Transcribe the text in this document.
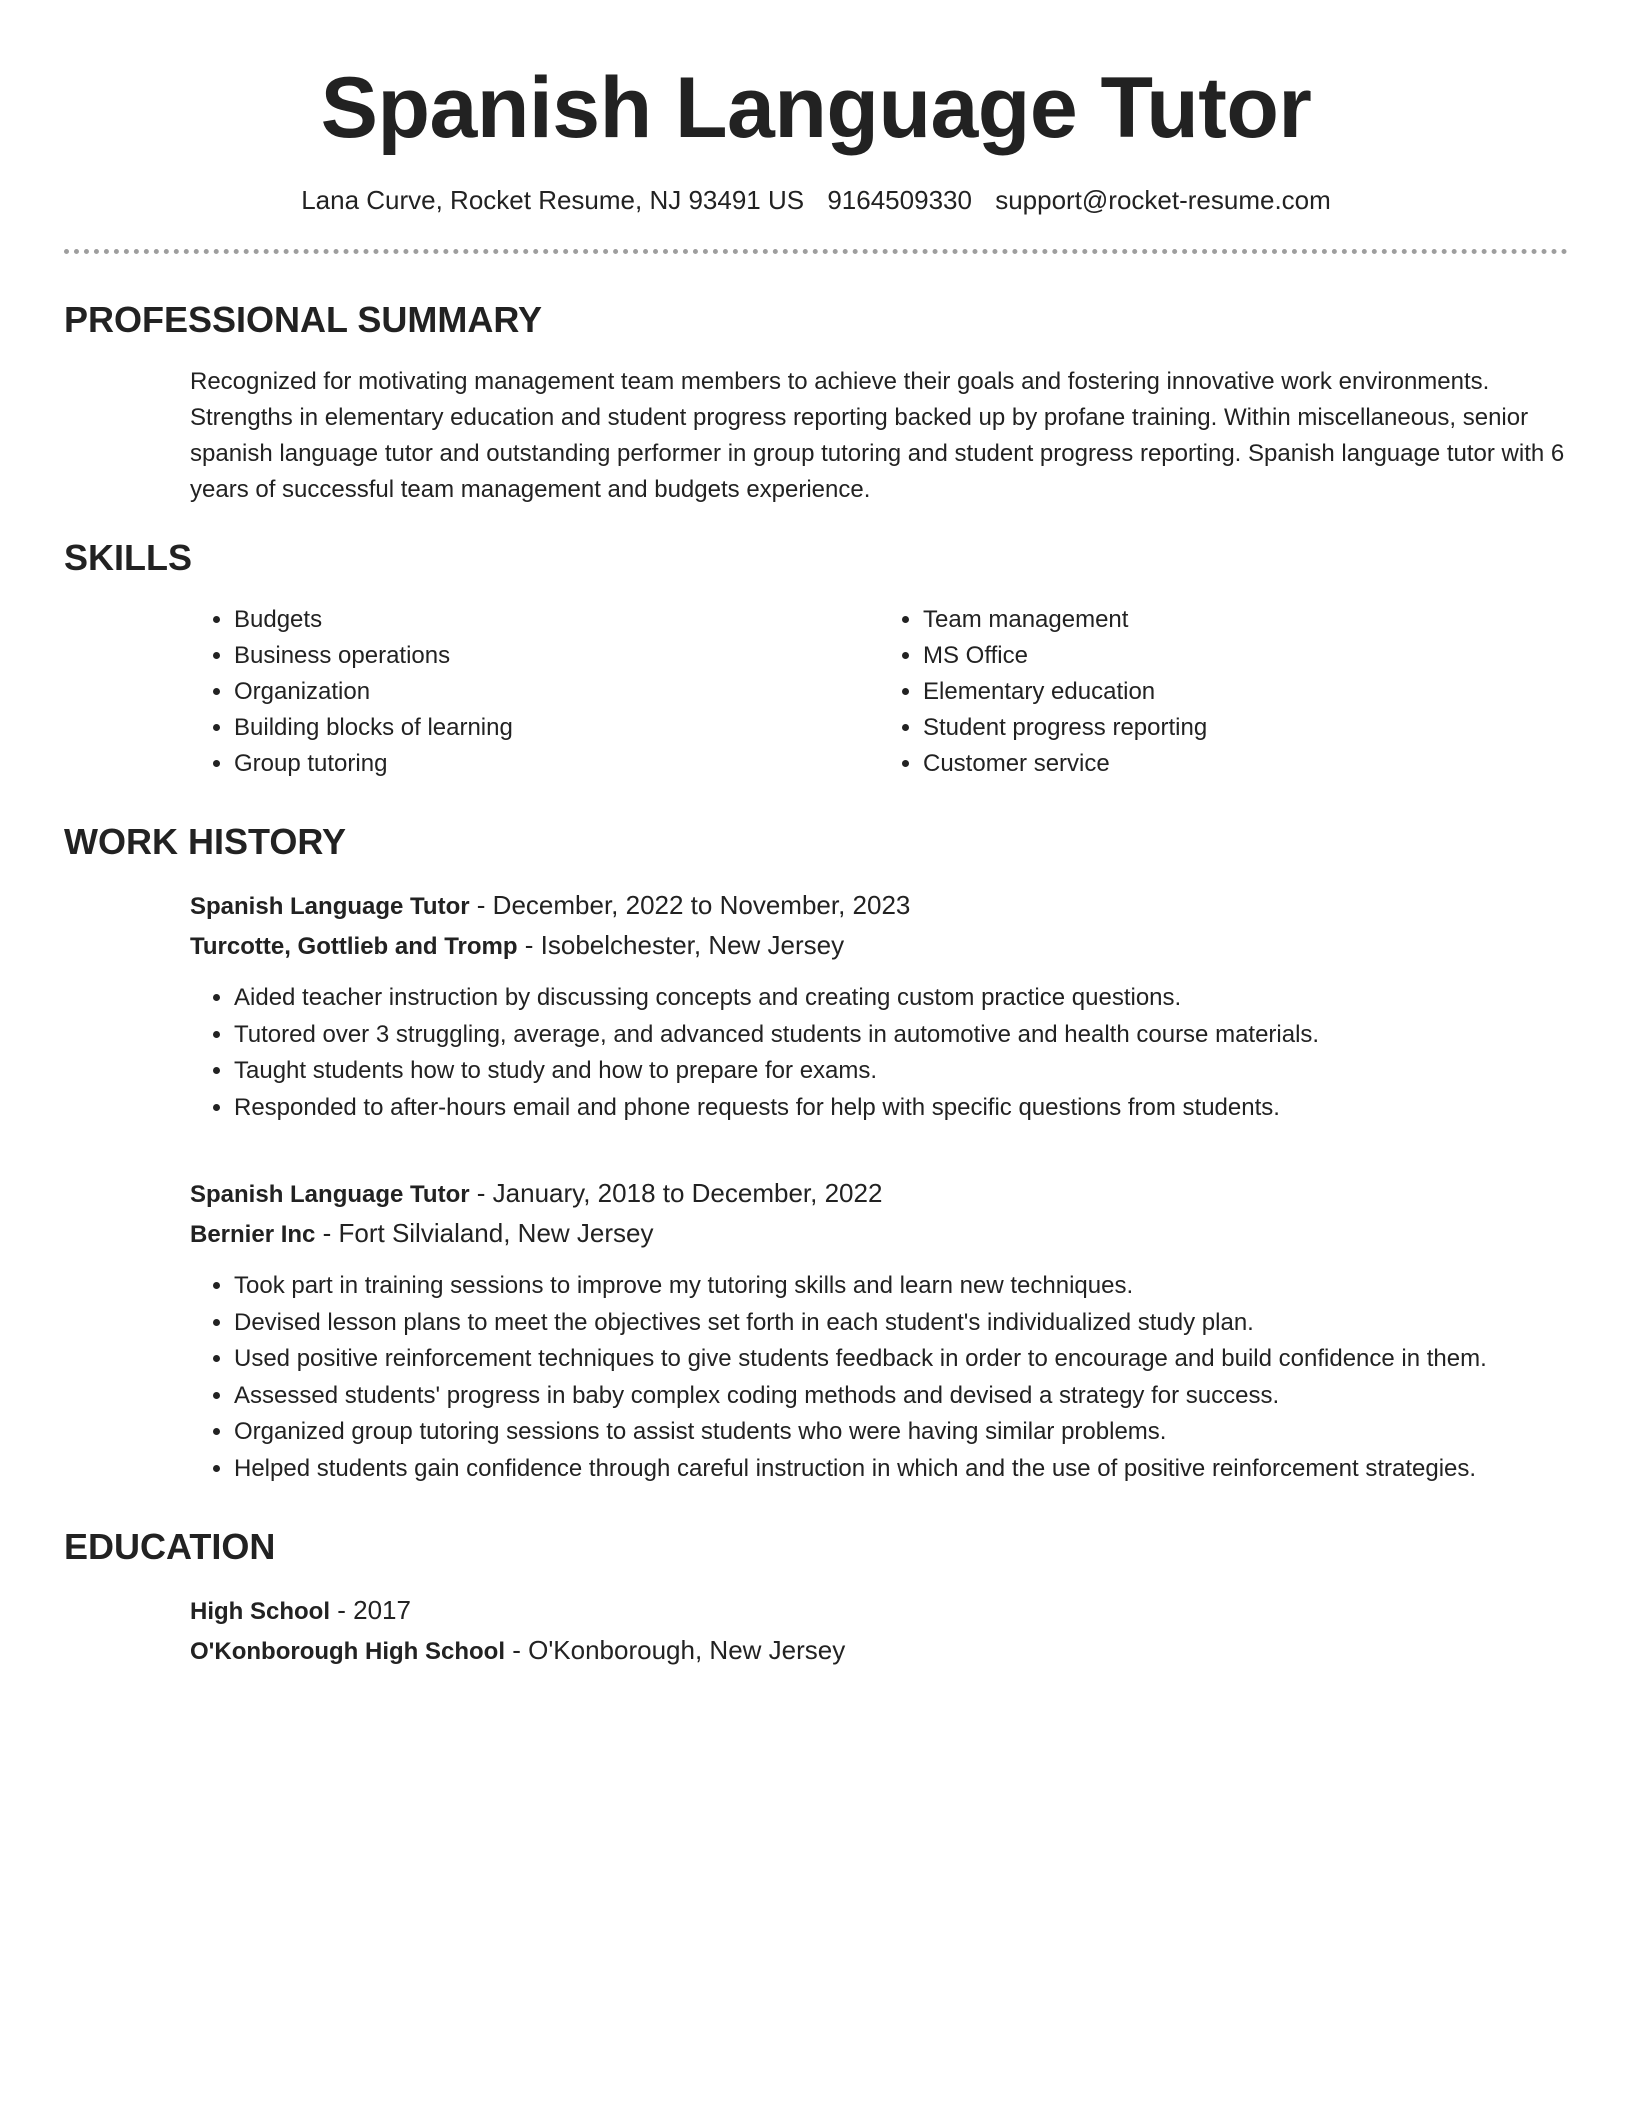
Spanish Language Tutor
Lana Curve, Rocket Resume, NJ 93491 US 9164509330 support@rocket-resume.com
PROFESSIONAL SUMMARY
Recognized for motivating management team members to achieve their goals and fostering innovative work environments. Strengths in elementary education and student progress reporting backed up by profane training. Within miscellaneous, senior spanish language tutor and outstanding performer in group tutoring and student progress reporting. Spanish language tutor with 6 years of successful team management and budgets experience.
SKILLS
• Budgets
• Business operations
• Organization
• Building blocks of learning
• Group tutoring
• Team management
• MS Office
• Elementary education
• Student progress reporting
• Customer service
WORK HISTORY
Spanish Language Tutor - December, 2022 to November, 2023
Turcotte, Gottlieb and Tromp - Isobelchester, New Jersey
• Aided teacher instruction by discussing concepts and creating custom practice questions.
• Tutored over 3 struggling, average, and advanced students in automotive and health course materials.
• Taught students how to study and how to prepare for exams.
• Responded to after-hours email and phone requests for help with specific questions from students.
Spanish Language Tutor - January, 2018 to December, 2022
Bernier Inc - Fort Silvialand, New Jersey
• Took part in training sessions to improve my tutoring skills and learn new techniques.
• Devised lesson plans to meet the objectives set forth in each student's individualized study plan.
• Used positive reinforcement techniques to give students feedback in order to encourage and build confidence in them.
• Assessed students' progress in baby complex coding methods and devised a strategy for success.
• Organized group tutoring sessions to assist students who were having similar problems.
• Helped students gain confidence through careful instruction in which and the use of positive reinforcement strategies.
EDUCATION
High School - 2017
O'Konborough High School - O'Konborough, New Jersey
